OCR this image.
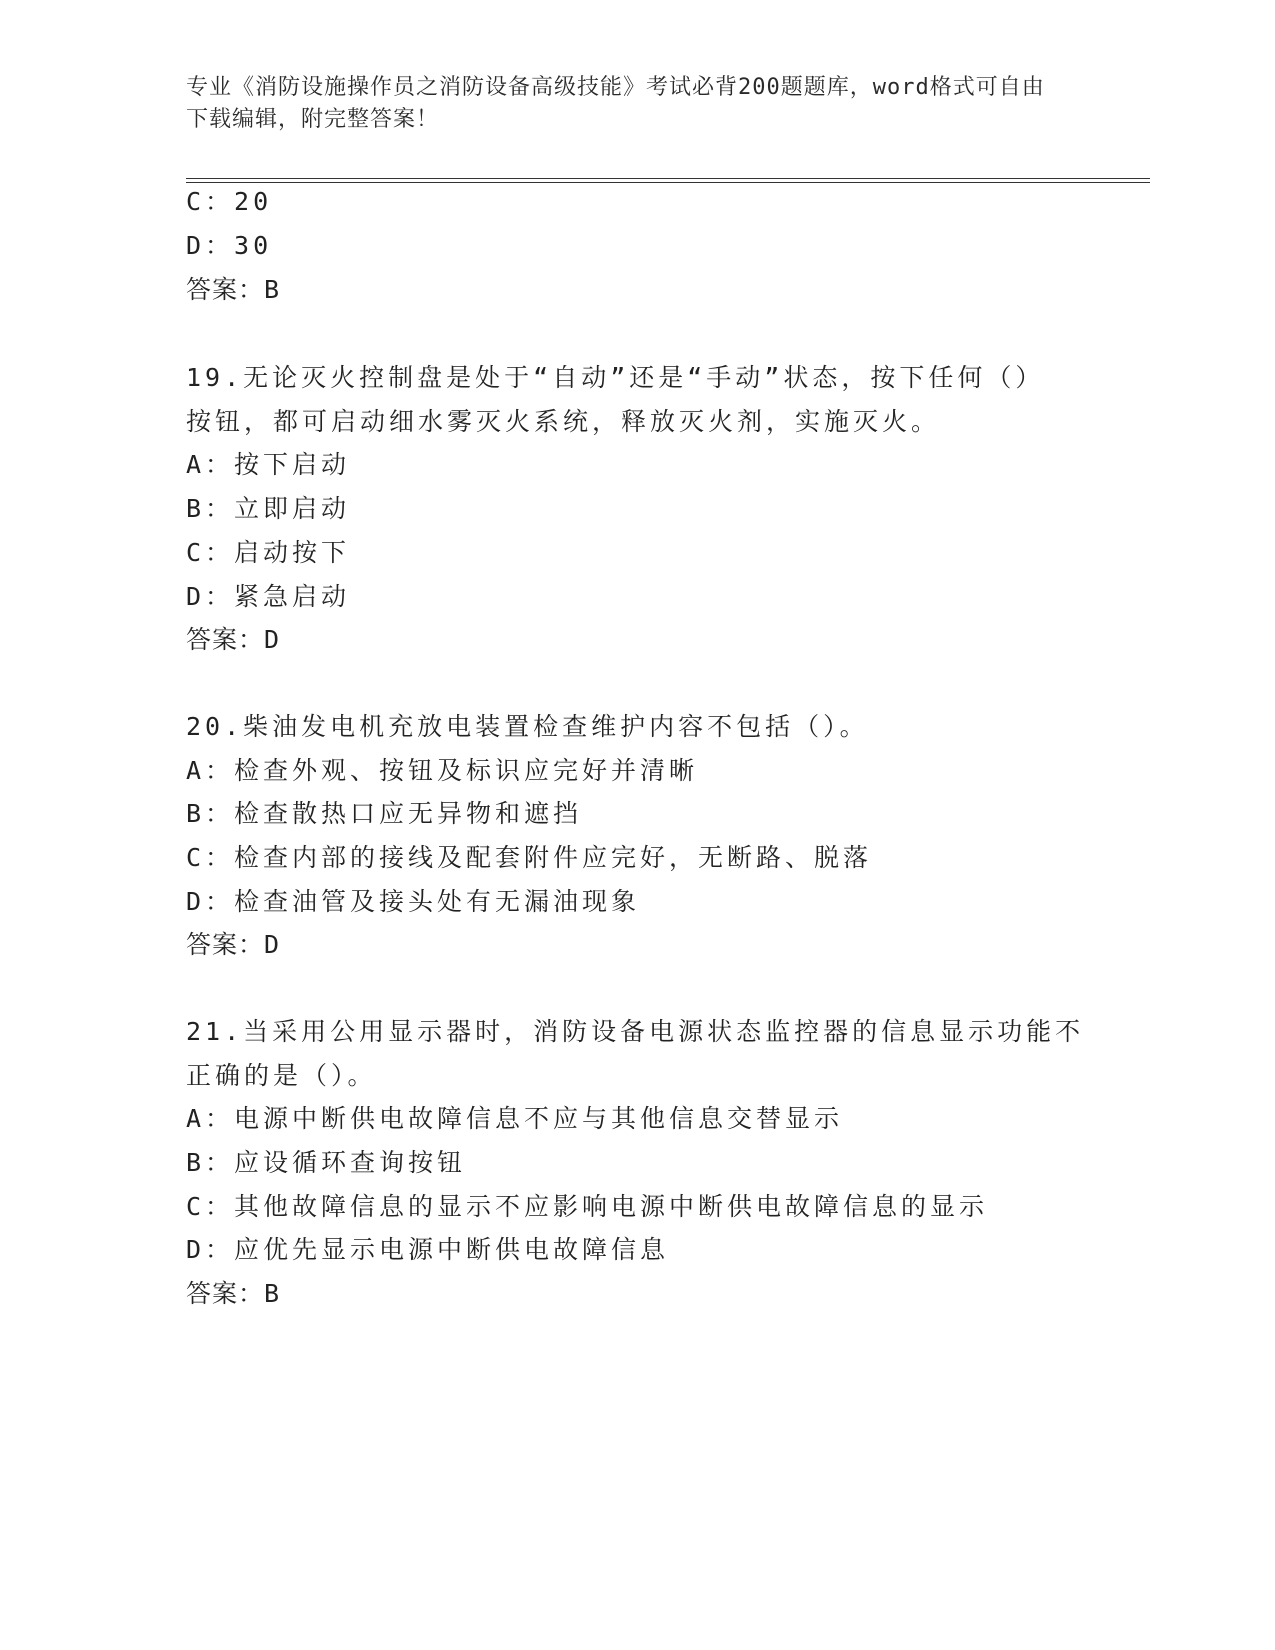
专业《消防设施操作员之消防设备高级技能》考试必背200题题库，word格式可自由下载编辑，附完整答案！
C：20
D：30
答案：B
19.无论灭火控制盘是处于“自动”还是“手动”状态，按下任何（）
按钮，都可启动细水雾灭火系统，释放灭火剂，实施灭火。
A：按下启动
B：立即启动
C：启动按下
D：紧急启动
答案：D
20.柴油发电机充放电装置检查维护内容不包括（）。
A：检查外观、按钮及标识应完好并清晰
B：检查散热口应无异物和遮挡
C：检查内部的接线及配套附件应完好，无断路、脱落
D：检查油管及接头处有无漏油现象
答案：D
21.当采用公用显示器时，消防设备电源状态监控器的信息显示功能不
正确的是（）。
A：电源中断供电故障信息不应与其他信息交替显示
B：应设循环查询按钮
C：其他故障信息的显示不应影响电源中断供电故障信息的显示
D：应优先显示电源中断供电故障信息
答案：B
